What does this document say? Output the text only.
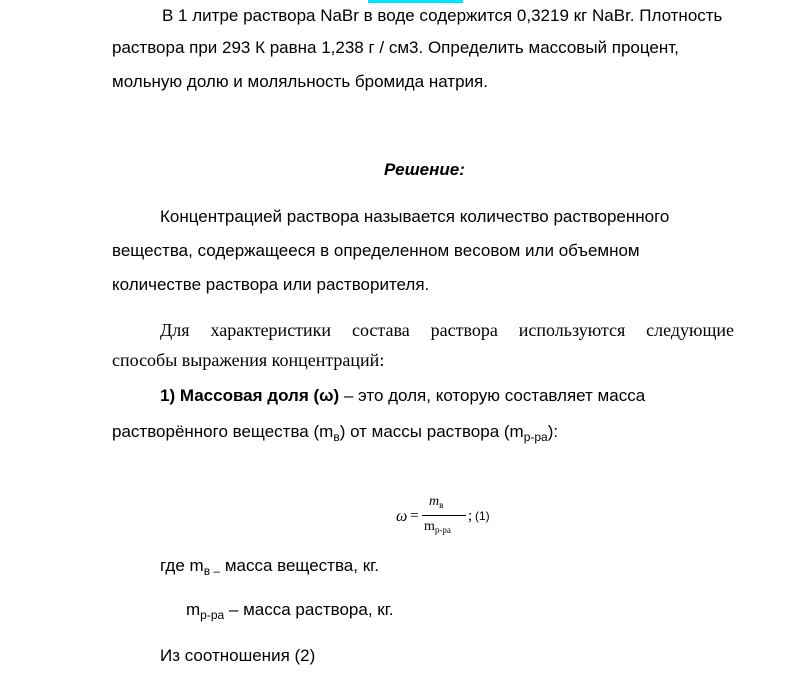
В 1 литре раствора NaBr в воде содержится 0,3219 кг NaBr. Плотность
раствора при 293 К равна 1,238 г / см3. Определить массовый процент,
мольную долю и моляльность бромида натрия.
Решение:
Концентрацией раствора называется количество растворенного
вещества, содержащееся в определенном весовом или объемном
количестве раствора или растворителя.
Для характеристики состава раствора используются следующие
способы выражения концентраций:
1) Массовая доля (ω) – это доля, которую составляет масса
растворённого вещества $(m_в)$ от массы раствора $(m_{р-ра})$:
ω =
$m_в$
$m_{р-ра}$
; (1)
где $m_{в -}$ масса вещества, кг.
$m_{р-ра}$ – масса раствора, кг.
Из соотношения (2)
